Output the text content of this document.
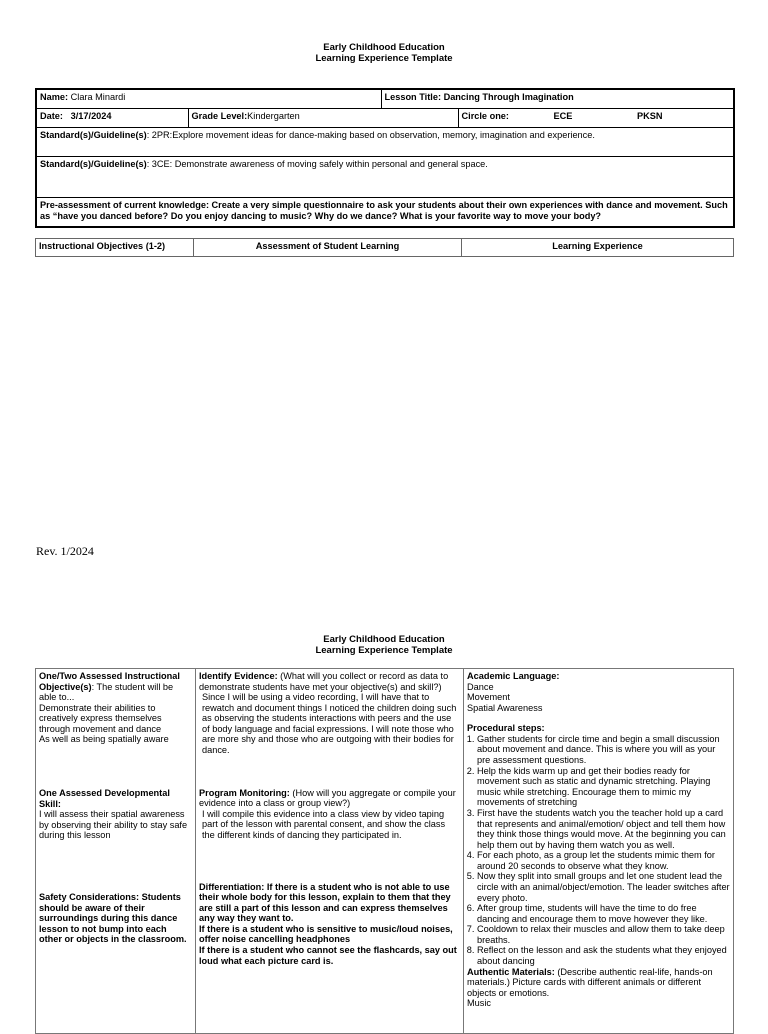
Early Childhood Education
Learning Experience Template
Name: Clara Minardi		Lesson Title: Dancing Through Imagination	
Date:   3/17/2024	Grade Level:Kindergarten		Circle one: ECE PKSN
Standard(s)/Guideline(s): 2PR:Explore movement ideas for dance-making based on observation, memory, imagination and experience.			
Standard(s)/Guideline(s): 3CE: Demonstrate awareness of moving safely within personal and general space.			
Pre-assessment of current knowledge: Create a very simple questionnaire to ask your students about their own experiences with dance and movement. Such as “have you danced before? Do you enjoy dancing to music? Why do we dance? What is your favorite way to move your body?			
Instructional Objectives (1-2)	Assessment of Student Learning	Learning Experience
Rev. 1/2024
Early Childhood Education
Learning Experience Template
One/Two Assessed Instructional Objective(s): The student will be able to...
Demonstrate their abilities to creatively express themselves through movement and dance
As well as being spatially aware
One Assessed Developmental Skill:
I will assess their spatial awareness by observing their ability to stay safe during this lesson
Safety Considerations: Students should be aware of their surroundings during this dance lesson to not bump into each other or objects in the classroom.

Identify Evidence: (What will you collect or record as data to demonstrate students have met your objective(s) and skill?)
Since I will be using a video recording, I will have that to rewatch and document things I noticed the children doing such as observing the students interactions with peers and the use of body language and facial expressions. I will note those who are more shy and those who are outgoing with their bodies for dance.
Program Monitoring: (How will you aggregate or compile your evidence into a class or group view?)
I will compile this evidence into a class view by video taping part of the lesson with parental consent, and show the class the different kinds of dancing they participated in.
Differentiation: If there is a student who is not able to use their whole body for this lesson, explain to them that they are still a part of this lesson and can express themselves any way they want to.
If there is a student who is sensitive to music/loud noises, offer noise cancelling headphones
If there is a student who cannot see the flashcards, say out loud what each picture card is.

Academic Language:
Dance
Movement
Spatial Awareness
Procedural steps:
1. Gather students for circle time and begin a small discussion about movement and dance. This is where you will as your pre assessment questions.
2. Help the kids warm up and get their bodies ready for movement such as static and dynamic stretching. Playing music while stretching. Encourage them to mimic my movements of stretching
3. First have the students watch you the teacher hold up a card that represents and animal/emotion/ object and tell them how they think those things would move. At the beginning you can help them out by having them watch you as well.
4. For each photo, as a group let the students mimic them for around 20 seconds to observe what they know.
5. Now they split into small groups and let one student lead the circle with an animal/object/emotion. The leader switches after every photo.
6. After group time, students will have the time to do free dancing and encourage them to move however they like.
7. Cooldown to relax their muscles and allow them to take deep breaths.
8. Reflect on the lesson and ask the students what they enjoyed about dancing
Authentic Materials: (Describe authentic real-life, hands-on materials.) Picture cards with different animals or different objects or emotions.
Music
